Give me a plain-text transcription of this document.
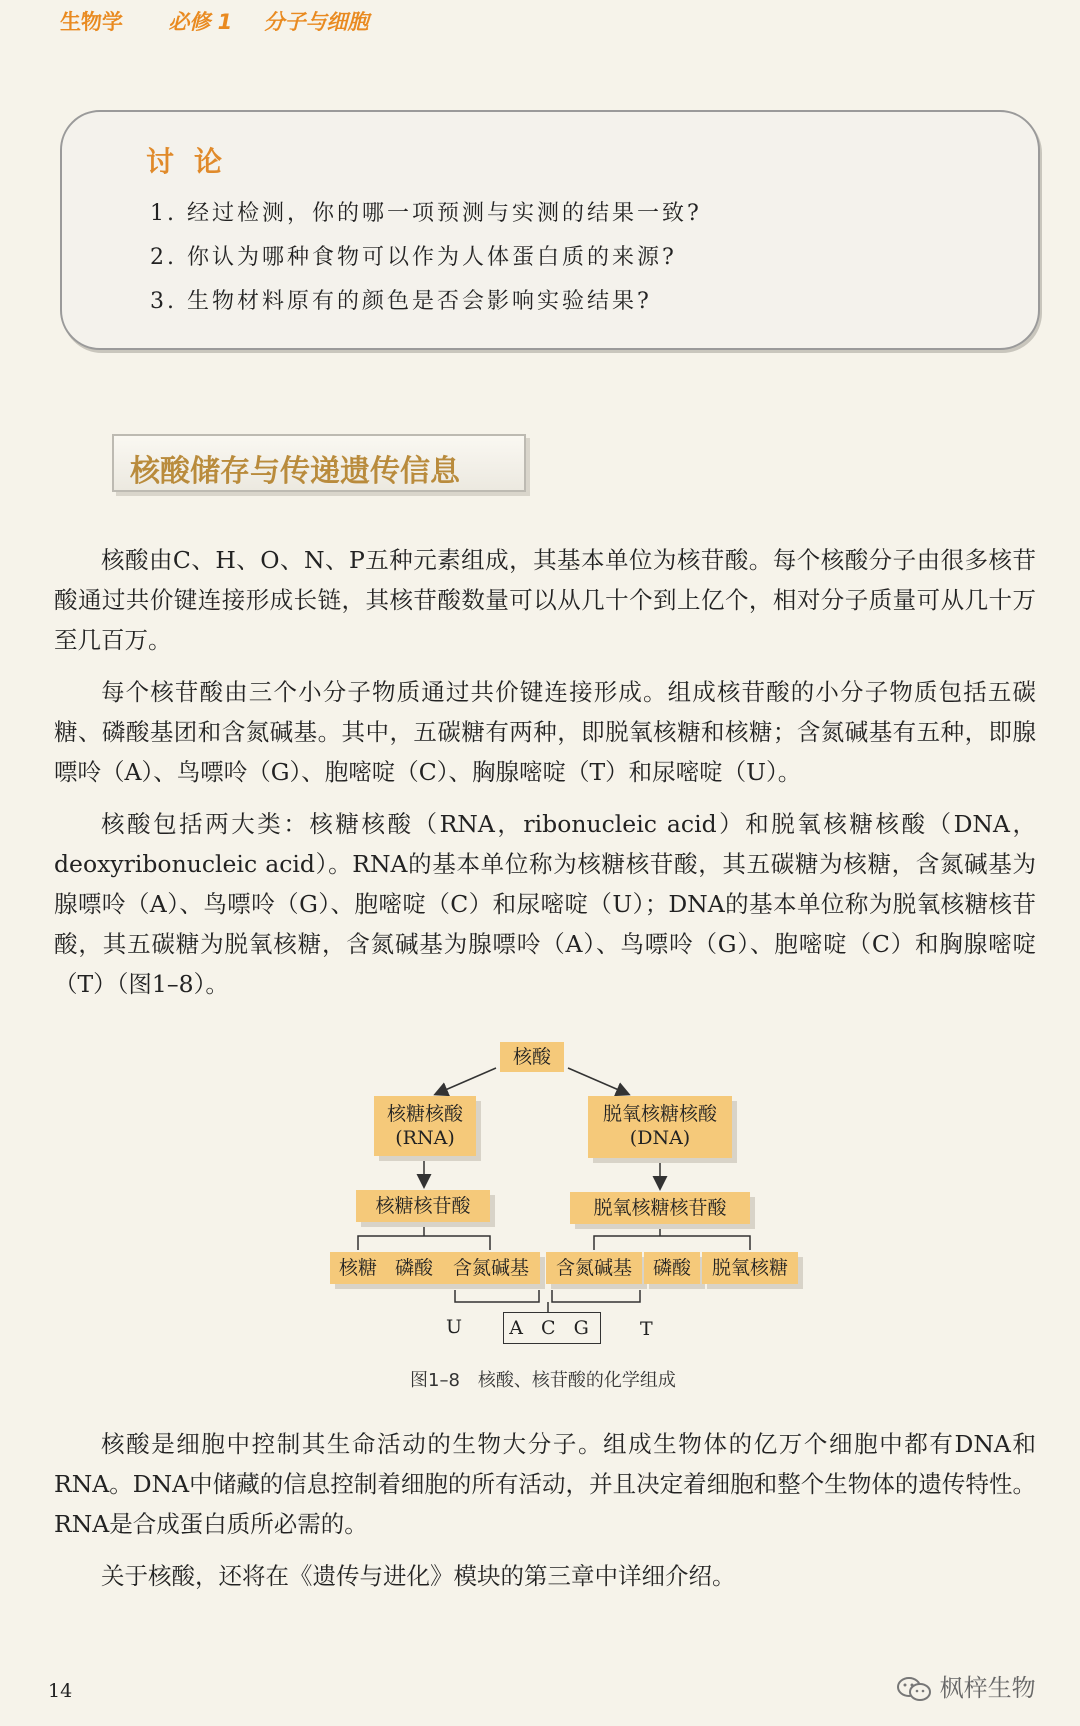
生物学 必修 1 分子与细胞
讨论
1. 经过检测，你的哪一项预测与实测的结果一致?
2. 你认为哪种食物可以作为人体蛋白质的来源?
3. 生物材料原有的颜色是否会影响实验结果?
核酸储存与传递遗传信息

核酸由C、H、O、N、P五种元素组成，其基本单位为核苷酸。每个核酸分子由很多核苷酸通过共价键连接形成长链，其核苷酸数量可以从几十个到上亿个，相对分子质量可从几十万至几百万。

每个核苷酸由三个小分子物质通过共价键连接形成。组成核苷酸的小分子物质包括五碳糖、磷酸基团和含氮碱基。其中，五碳糖有两种，即脱氧核糖和核糖；含氮碱基有五种，即腺嘌呤（A）、鸟嘌呤（G）、胞嘧啶（C）、胸腺嘧啶（T）和尿嘧啶（U）。

核酸包括两大类：核糖核酸（RNA，ribonucleic acid）和脱氧核糖核酸（DNA，deoxyribonucleic acid）。RNA的基本单位称为核糖核苷酸，其五碳糖为核糖，含氮碱基为腺嘌呤（A）、鸟嘌呤（G）、胞嘧啶（C）和尿嘧啶（U）；DNA的基本单位称为脱氧核糖核苷酸，其五碳糖为脱氧核糖，含氮碱基为腺嘌呤（A）、鸟嘌呤（G）、胞嘧啶（C）和胸腺嘧啶（T）（图1–8）。

核酸
核糖核酸
(RNA)
脱氧核糖核酸
(DNA)
核糖核苷酸	脱氧核糖核苷酸
核糖 磷酸	含氮碱基	含氮碱基	磷酸	脱氧核糖
U	A C G	T
图1–8　核酸、核苷酸的化学组成

核酸是细胞中控制其生命活动的生物大分子。组成生物体的亿万个细胞中都有DNA和RNA。DNA中储藏的信息控制着细胞的所有活动，并且决定着细胞和整个生物体的遗传特性。RNA是合成蛋白质所必需的。

关于核酸，还将在《遗传与进化》模块的第三章中详细介绍。

14	枫梓生物
